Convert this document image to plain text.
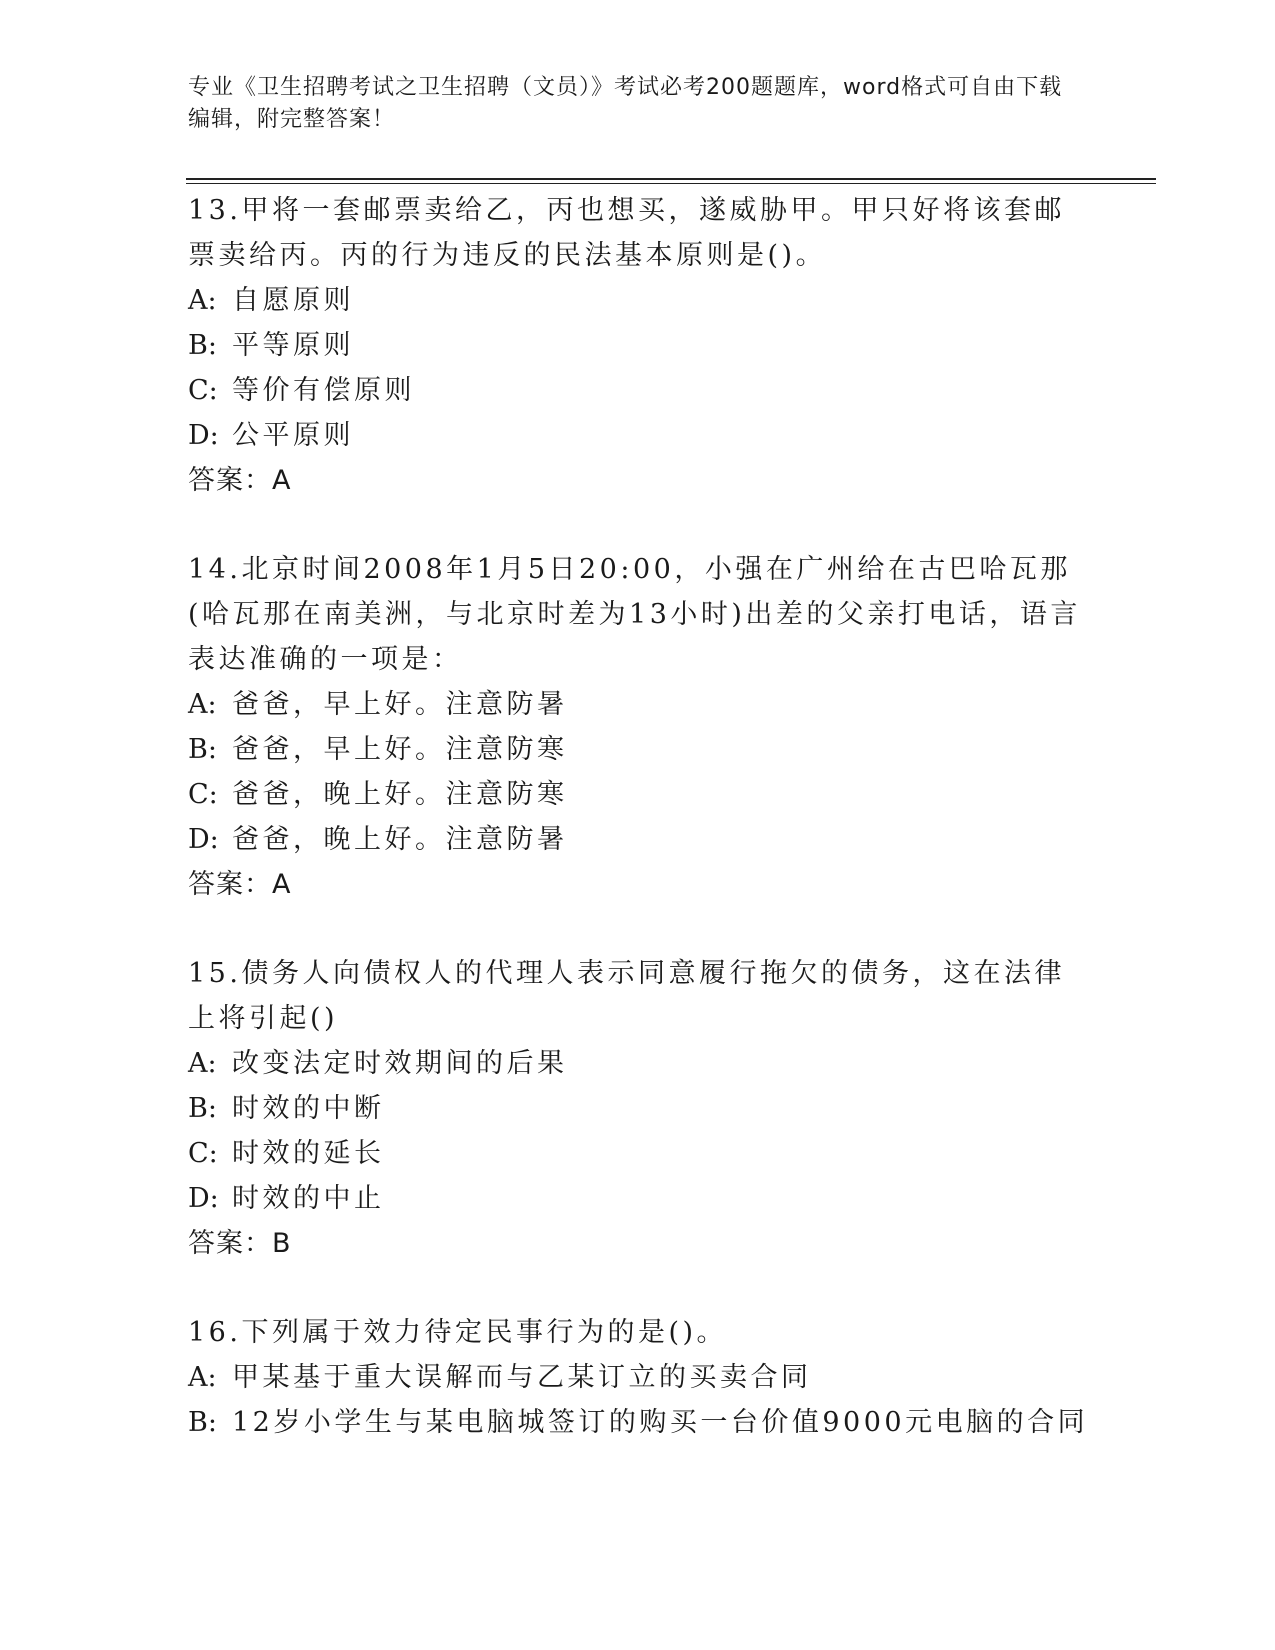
专业《卫生招聘考试之卫生招聘（文员）》考试必考200题题库，word格式可自由下载编辑，附完整答案！

13.甲将一套邮票卖给乙，丙也想买，遂威胁甲。甲只好将该套邮票卖给丙。丙的行为违反的民法基本原则是()。

A: 自愿原则

B: 平等原则

C: 等价有偿原则

D: 公平原则

答案：A

14.北京时间2008年1月5日20:00，小强在广州给在古巴哈瓦那(哈瓦那在南美洲，与北京时差为13小时)出差的父亲打电话，语言表达准确的一项是：

A: 爸爸，早上好。注意防暑

B: 爸爸，早上好。注意防寒

C: 爸爸，晚上好。注意防寒

D: 爸爸，晚上好。注意防暑

答案：A

15.债务人向债权人的代理人表示同意履行拖欠的债务，这在法律上将引起()

A: 改变法定时效期间的后果

B: 时效的中断

C: 时效的延长

D: 时效的中止

答案：B

16.下列属于效力待定民事行为的是()。

A: 甲某基于重大误解而与乙某订立的买卖合同

B: 12岁小学生与某电脑城签订的购买一台价值9000元电脑的合同
